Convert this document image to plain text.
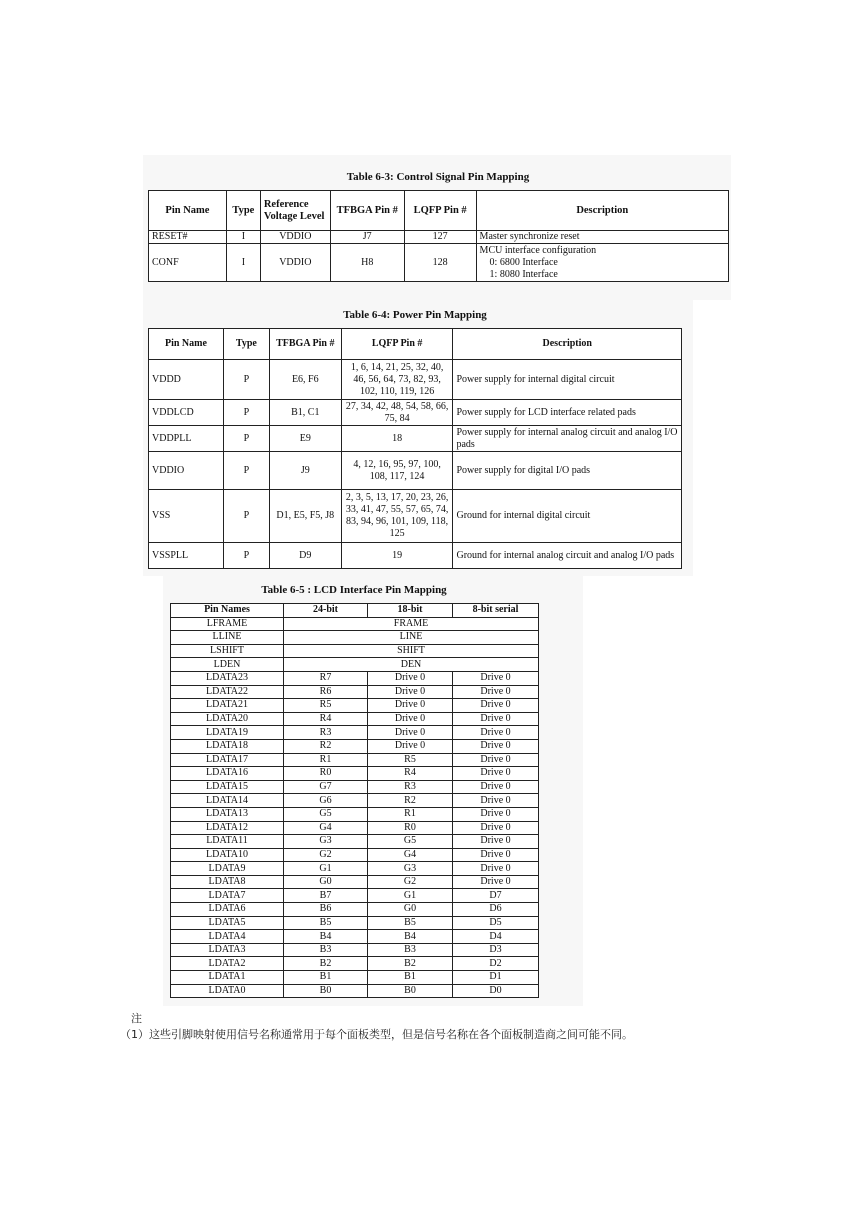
Table 6-3: Control Signal Pin Mapping
Pin Name	Type	Reference Voltage Level	TFBGA Pin #	LQFP Pin #	Description
RESET#	I	VDDIO	J7	127	Master synchronize reset
CONF	I	VDDIO	H8	128	MCU interface configuration
0: 6800 Interface
1: 8080 Interface
Table 6-4: Power Pin Mapping
Pin Name	Type	TFBGA Pin #	LQFP Pin #	Description
VDDD	P	E6, F6	1, 6, 14, 21, 25, 32, 40, 46, 56, 64, 73, 82, 93, 102, 110, 119, 126	Power supply for internal digital circuit
VDDLCD	P	B1, C1	27, 34, 42, 48, 54, 58, 66, 75, 84	Power supply for LCD interface related pads
VDDPLL	P	E9	18	Power supply for internal analog circuit and analog I/O pads
VDDIO	P	J9	4, 12, 16, 95, 97, 100, 108, 117, 124	Power supply for digital I/O pads
VSS	P	D1, E5, F5, J8	2, 3, 5, 13, 17, 20, 23, 26, 33, 41, 47, 55, 57, 65, 74, 83, 94, 96, 101, 109, 118, 125	Ground for internal digital circuit
VSSPLL	P	D9	19	Ground for internal analog circuit and analog I/O pads
Table 6-5 : LCD Interface Pin Mapping
Pin Names	24-bit	18-bit	8-bit serial
LFRAME	FRAME		
LLINE	LINE		
LSHIFT	SHIFT		
LDEN	DEN		
LDATA23	R7	Drive 0	Drive 0
LDATA22	R6	Drive 0	Drive 0
LDATA21	R5	Drive 0	Drive 0
LDATA20	R4	Drive 0	Drive 0
LDATA19	R3	Drive 0	Drive 0
LDATA18	R2	Drive 0	Drive 0
LDATA17	R1	R5	Drive 0
LDATA16	R0	R4	Drive 0
LDATA15	G7	R3	Drive 0
LDATA14	G6	R2	Drive 0
LDATA13	G5	R1	Drive 0
LDATA12	G4	R0	Drive 0
LDATA11	G3	G5	Drive 0
LDATA10	G2	G4	Drive 0
LDATA9	G1	G3	Drive 0
LDATA8	G0	G2	Drive 0
LDATA7	B7	G1	D7
LDATA6	B6	G0	D6
LDATA5	B5	B5	D5
LDATA4	B4	B4	D4
LDATA3	B3	B3	D3
LDATA2	B2	B2	D2
LDATA1	B1	B1	D1
LDATA0	B0	B0	D0
注
（1）这些引脚映射使用信号名称通常用于每个面板类型，但是信号名称在各个面板制造商之间可能不同。
